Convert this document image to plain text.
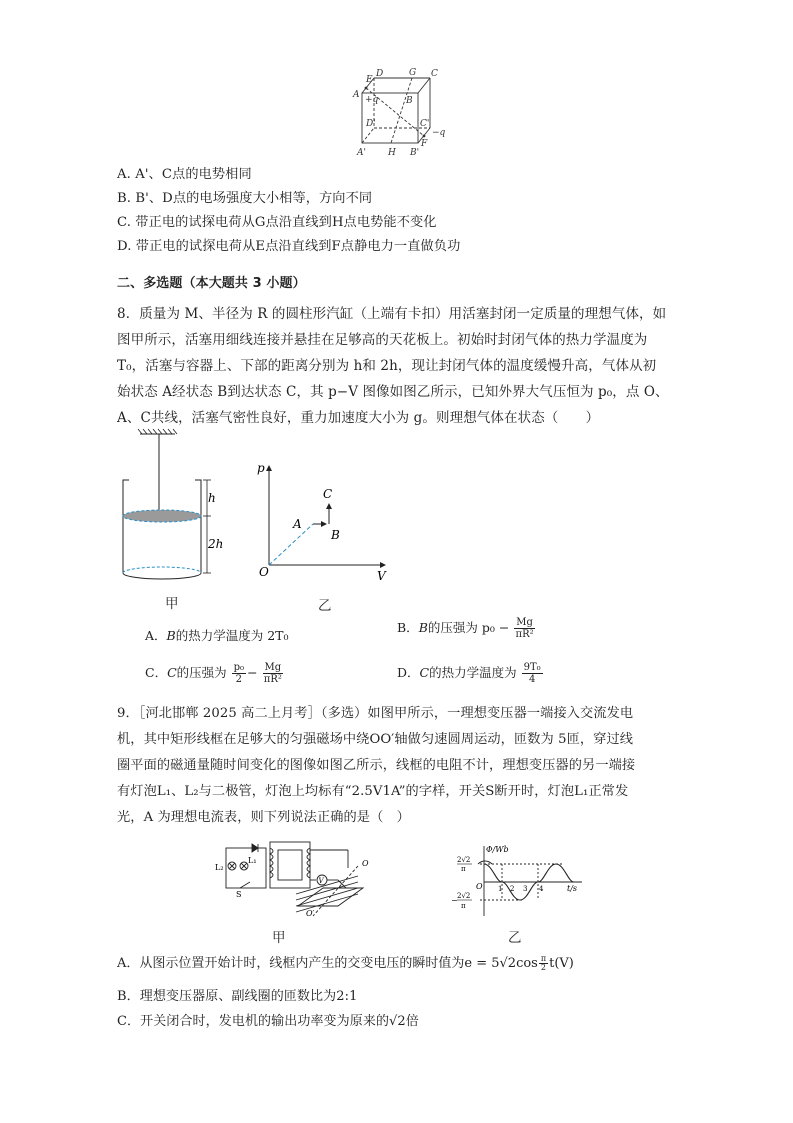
E
D	G C
A +q	B
D'	C'
−q
F
A' H B'
A. A'、C点的电势相同
B. B'、D点的电场强度大小相等，方向不同
C. 带正电的试探电荷从G点沿直线到H点电势能不变化
D. 带正电的试探电荷从E点沿直线到F点静电力一直做负功
二、多选题（本大题共 3 小题）
8．质量为 M、半径为 R 的圆柱形汽缸（上端有卡扣）用活塞封闭一定质量的理想气体，如
图甲所示，活塞用细线连接并悬挂在足够高的天花板上。初始时封闭气体的热力学温度为
T₀，活塞与容器上、下部的距离分别为 h和 2h，现让封闭气体的温度缓慢升高，气体从初
始状态 A经状态 B到达状态 C，其 p−V 图像如图乙所示，已知外界大气压恒为 p₀，点 O、
A、C共线，活塞气密性良好，重力加速度大小为 g。则理想气体在状态（　　）
h
2h
甲
p
V
O
A
B
C
乙
A．B的热力学温度为 2T₀
B．B的压强为 $p_0 - \frac{Mg}{\text{πR²}}$
C．C的压强为 $\frac{\text{p₀}}{2} - \frac{Mg}{\text{πR²}}$	D．C的热力学温度为 $\frac{\text{9T₀}}{4}$
9．［河北邯郸 2025 高二上月考］（多选）如图甲所示，一理想变压器一端接入交流发电
机，其中矩形线框在足够大的匀强磁场中绕OO′轴做匀速圆周运动，匝数为 5匝，穿过线
圈平面的磁通量随时间变化的图像如图乙所示，线框的电阻不计，理想变压器的另一端接
有灯泡L₁、L₂与二极管，灯泡上均标有“2.5V1A”的字样，开关S断开时，灯泡L₁正常发
光，A 为理想电流表，则下列说法正确的是（　）
V
L₂
L₁
S
O
O′
甲
Φ/Wb
t/s
2√2
π
− 2√2
π
O 1 2 3 4
乙
A．从图示位置开始计时，线框内产生的交变电压的瞬时值为$e = 5√2\cos \frac{\pi}{2} t(V)$
B．理想变压器原、副线圈的匝数比为2:1
C．开关闭合时，发电机的输出功率变为原来的√2倍
